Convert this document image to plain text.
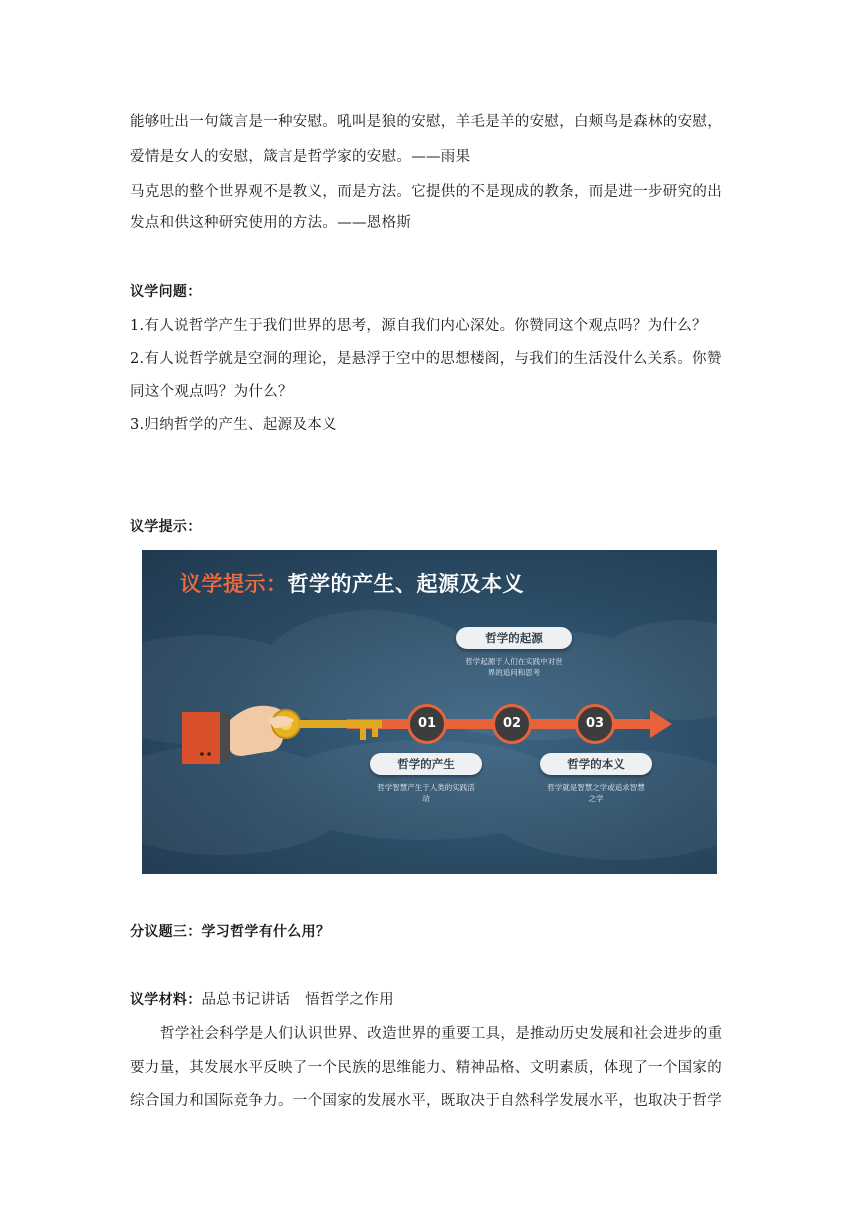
能够吐出一句箴言是一种安慰。吼叫是狼的安慰，羊毛是羊的安慰，白颊鸟是森林的安慰，
爱情是女人的安慰，箴言是哲学家的安慰。——雨果
马克思的整个世界观不是教义，而是方法。它提供的不是现成的教条，而是进一步研究的出
发点和供这种研究使用的方法。——恩格斯
议学问题：
1.有人说哲学产生于我们世界的思考，源自我们内心深处。你赞同这个观点吗？为什么？
2.有人说哲学就是空洞的理论，是悬浮于空中的思想楼阁，与我们的生活没什么关系。你赞
同这个观点吗？为什么？
3.归纳哲学的产生、起源及本义
议学提示：
议学提示：哲学的产生、起源及本义
哲学的起源
哲学起源于人们在实践中对世
界的追问和思考
01	02	03
哲学的产生
哲学智慧产生于人类的实践活
动
哲学的本义
哲学就是智慧之学或追求智慧
之学
分议题三：学习哲学有什么用？
议学材料：品总书记讲话　悟哲学之作用
哲学社会科学是人们认识世界、改造世界的重要工具，是推动历史发展和社会进步的重
要力量，其发展水平反映了一个民族的思维能力、精神品格、文明素质，体现了一个国家的
综合国力和国际竞争力。一个国家的发展水平，既取决于自然科学发展水平，也取决于哲学
